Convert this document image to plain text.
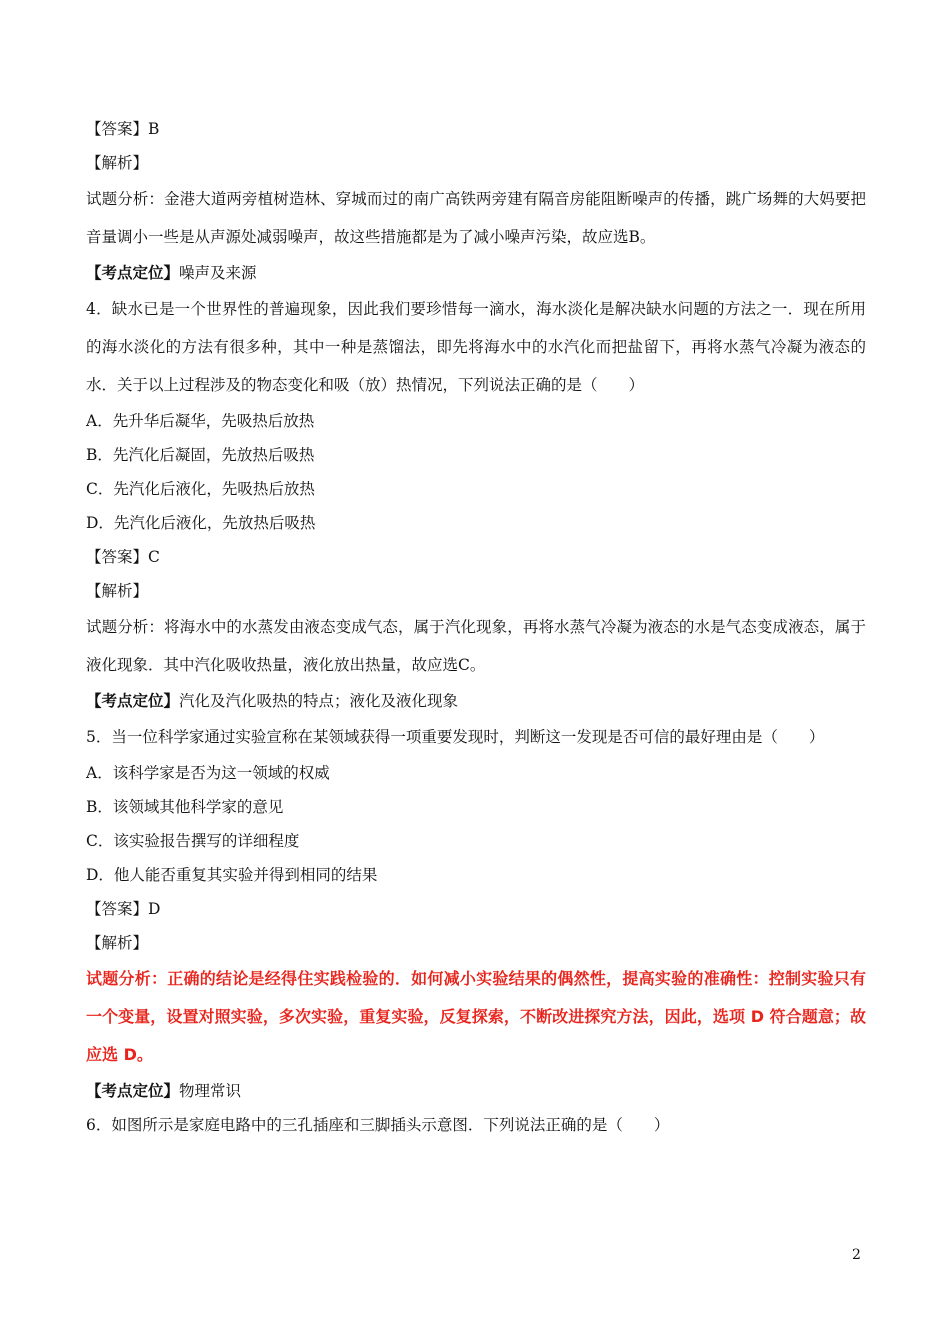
【答案】B
【解析】
试题分析：金港大道两旁植树造林、穿城而过的南广高铁两旁建有隔音房能阻断噪声的传播，跳广场舞的大妈要把音量调小一些是从声源处减弱噪声，故这些措施都是为了减小噪声污染，故应选B。
【考点定位】噪声及来源
4．缺水已是一个世界性的普遍现象，因此我们要珍惜每一滴水，海水淡化是解决缺水问题的方法之一．现在所用的海水淡化的方法有很多种，其中一种是蒸馏法，即先将海水中的水汽化而把盐留下，再将水蒸气冷凝为液态的水．关于以上过程涉及的物态变化和吸（放）热情况，下列说法正确的是（　　）
A．先升华后凝华，先吸热后放热
B．先汽化后凝固，先放热后吸热
C．先汽化后液化，先吸热后放热
D．先汽化后液化，先放热后吸热
【答案】C
【解析】
试题分析：将海水中的水蒸发由液态变成气态，属于汽化现象，再将水蒸气冷凝为液态的水是气态变成液态，属于液化现象．其中汽化吸收热量，液化放出热量，故应选C。
【考点定位】汽化及汽化吸热的特点；液化及液化现象
5．当一位科学家通过实验宣称在某领域获得一项重要发现时，判断这一发现是否可信的最好理由是（　　）
A．该科学家是否为这一领域的权威
B．该领域其他科学家的意见
C．该实验报告撰写的详细程度
D．他人能否重复其实验并得到相同的结果
【答案】D
【解析】
试题分析：正确的结论是经得住实践检验的．如何减小实验结果的偶然性，提高实验的准确性：控制实验只有一个变量，设置对照实验，多次实验，重复实验，反复探索，不断改进探究方法，因此，选项 D 符合题意；故应选 D。
【考点定位】物理常识
6．如图所示是家庭电路中的三孔插座和三脚插头示意图．下列说法正确的是（　　）
2
